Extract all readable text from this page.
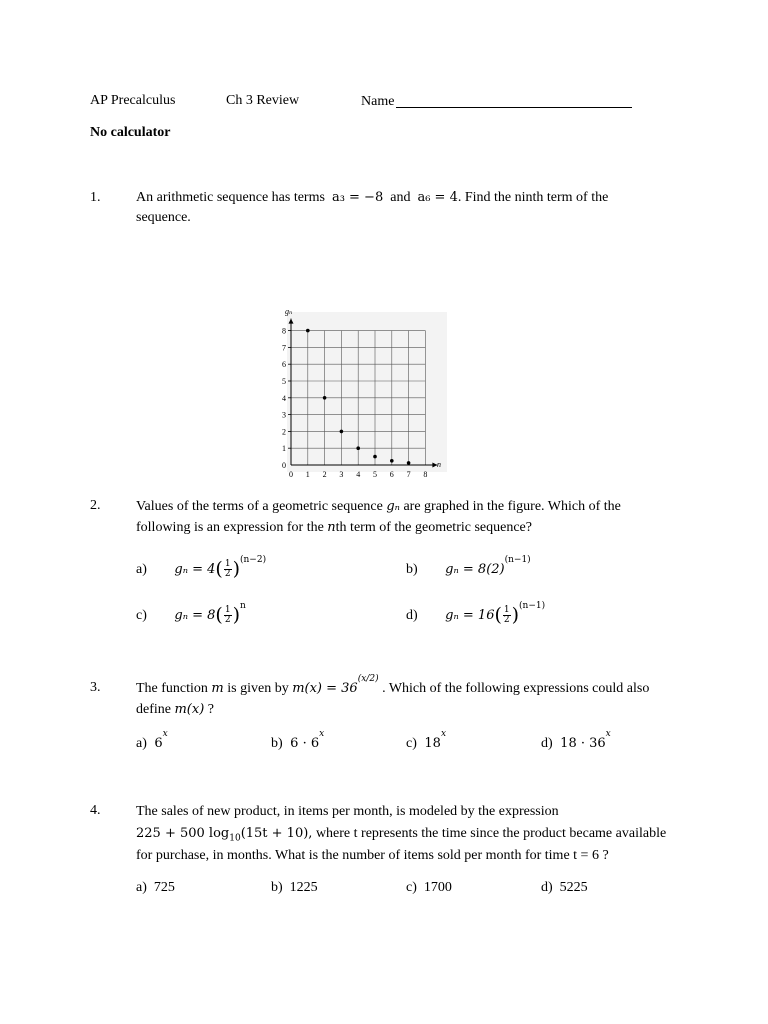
AP Precalculus	Ch 3 Review	Name
No calculator
1.	An arithmetic sequence has terms a₃ = −8 and a₆ = 4. Find the ninth term of the
sequence.
0 1 2 3 4 5 6 7 8
0
1
2
3
4
5
6
7
8
gₙ
n
2.	Values of the terms of a geometric sequence gₙ are graphed in the figure. Which of the
following is an expression for the nth term of the geometric sequence?
a) $g_n = 4( \frac{1}{2} )^{(n-2)}$
b) $g_n = 8(2)^{(n-1)}$
c) $g_n = 8( \frac{1}{2} )^n$
d) $g_n = 16( \frac{1}{2} )^{(n-1)}$
3.	The function m is given by $m(x) = 36^{(x/2)}$ . Which of the following expressions could also
define m(x) ?
a) 6$^x$
b) $6 \cdot 6^x$
c) 18$^x$
d) $18 \cdot 36^x$
4.	The sales of new product, in items per month, is modeled by the expression
225 + 500 $\log_{10}(15t + 10)$, where t represents the time since the product became available
for purchase, in months. What is the number of items sold per month for time t = 6 ?
a) 725	b) 1225	c) 1700	d) 5225
